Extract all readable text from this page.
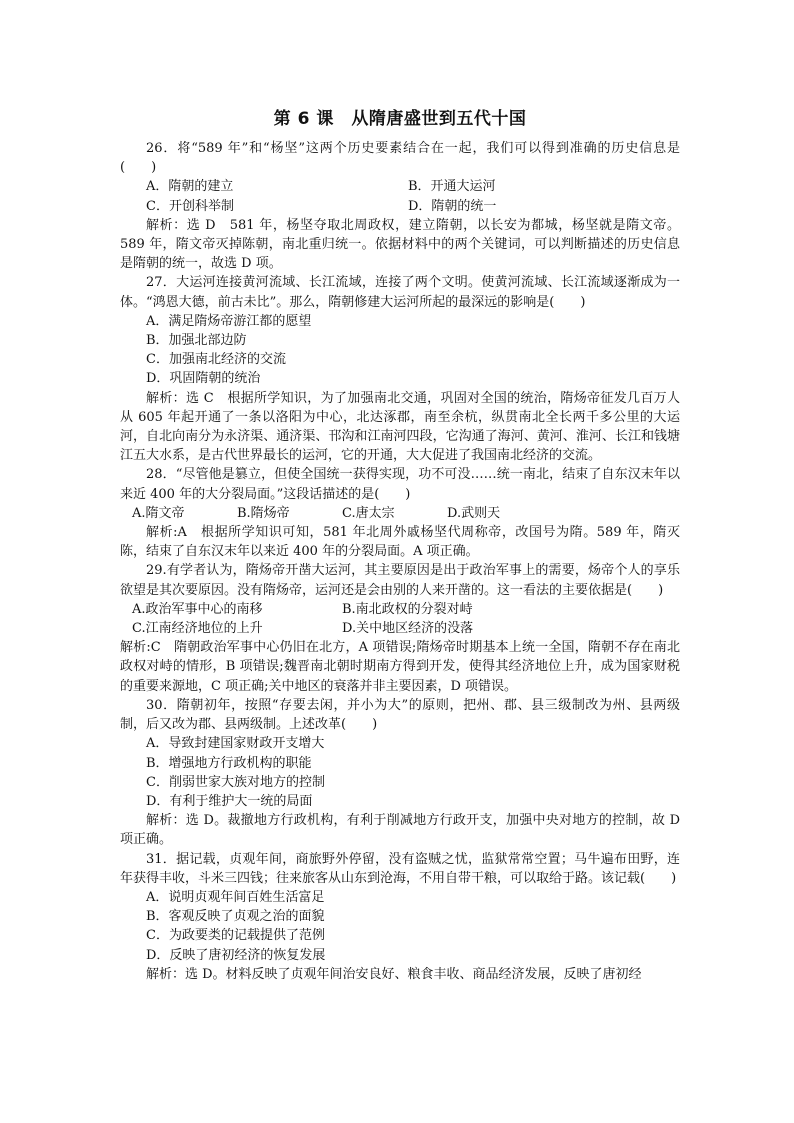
第 6 课　从隋唐盛世到五代十国

26．将“589 年”和“杨坚”这两个历史要素结合在一起，我们可以得到准确的历史信息是(　　)

A．隋朝的建立	B．开通大运河
C．开创科举制	D．隋朝的统一

解析：选 D　581 年，杨坚夺取北周政权，建立隋朝，以长安为都城，杨坚就是隋文帝。589 年，隋文帝灭掉陈朝，南北重归统一。依据材料中的两个关键词，可以判断描述的历史信息是隋朝的统一，故选 D 项。

27．大运河连接黄河流域、长江流域，连接了两个文明。使黄河流域、长江流域逐渐成为一体。“鸿恩大德，前古未比”。那么，隋朝修建大运河所起的最深远的影响是(　　)

A．满足隋炀帝游江都的愿望
B．加强北部边防
C．加强南北经济的交流
D．巩固隋朝的统治

解析：选 C　根据所学知识，为了加强南北交通，巩固对全国的统治，隋炀帝征发几百万人从 605 年起开通了一条以洛阳为中心，北达涿郡，南至余杭，纵贯南北全长两千多公里的大运河，自北向南分为永济渠、通济渠、邗沟和江南河四段，它沟通了海河、黄河、淮河、长江和钱塘江五大水系，是古代世界最长的运河，它的开通，大大促进了我国南北经济的交流。

28．“尽管他是篡立，但使全国统一获得实现，功不可没……统一南北，结束了自东汉末年以来近 400 年的大分裂局面。”这段话描述的是(　　)

A.隋文帝	B.隋炀帝	C.唐太宗	D.武则天

解析:A　根据所学知识可知，581 年北周外戚杨坚代周称帝，改国号为隋。589 年，隋灭陈，结束了自东汉末年以来近 400 年的分裂局面。A 项正确。

29.有学者认为，隋炀帝开凿大运河，其主要原因是出于政治军事上的需要，炀帝个人的享乐欲望是其次要原因。没有隋炀帝，运河还是会由别的人来开凿的。这一看法的主要依据是(　　)

A.政治军事中心的南移	B.南北政权的分裂对峙
C.江南经济地位的上升	D.关中地区经济的没落

解析:C　隋朝政治军事中心仍旧在北方，A 项错误;隋炀帝时期基本上统一全国，隋朝不存在南北政权对峙的情形，B 项错误;魏晋南北朝时期南方得到开发，使得其经济地位上升，成为国家财税的重要来源地，C 项正确;关中地区的衰落并非主要因素，D 项错误。

30．隋朝初年，按照“存要去闲，并小为大”的原则，把州、郡、县三级制改为州、县两级制，后又改为郡、县两级制。上述改革(　　)

A．导致封建国家财政开支增大
B．增强地方行政机构的职能
C．削弱世家大族对地方的控制
D．有利于维护大一统的局面

解析：选 D。裁撤地方行政机构，有利于削减地方行政开支，加强中央对地方的控制，故 D 项正确。

31．据记载，贞观年间，商旅野外停留，没有盗贼之忧，监狱常常空置；马牛遍布田野，连年获得丰收，斗米三四钱；往来旅客从山东到沧海，不用自带干粮，可以取给于路。该记载(　　)

A．说明贞观年间百姓生活富足
B．客观反映了贞观之治的面貌
C．为政要类的记载提供了范例
D．反映了唐初经济的恢复发展

解析：选 D。材料反映了贞观年间治安良好、粮食丰收、商品经济发展，反映了唐初经
